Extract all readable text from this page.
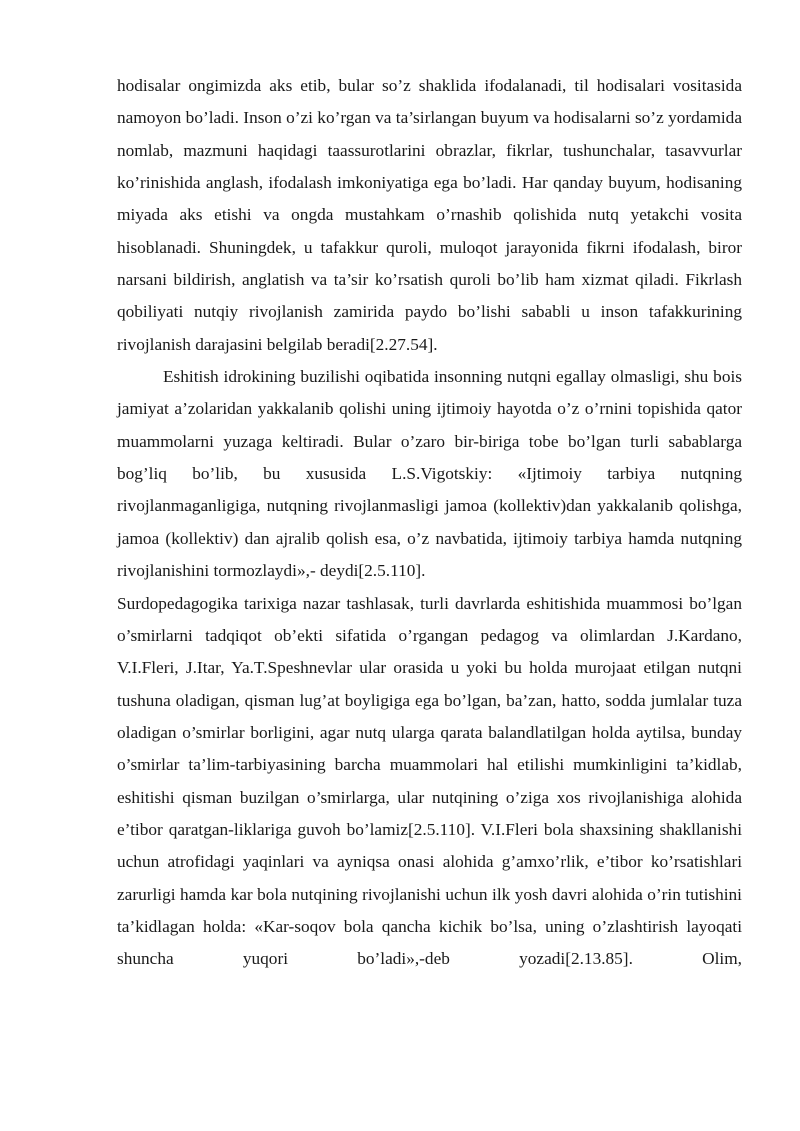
hodisalar ongimizda aks etib, bular so’z shaklida ifodalanadi, til hodisalari vositasida namoyon bo’ladi. Inson o’zi ko’rgan va ta’sirlangan buyum va hodisalarni so’z yordamida nomlab, mazmuni haqidagi taassurotlarini obrazlar, fikrlar, tushunchalar, tasavvurlar ko’rinishida anglash, ifodalash imkoniyatiga ega bo’ladi. Har qanday buyum, hodisaning miyada aks etishi va ongda mustahkam o’rnashib qolishida nutq yetakchi vosita hisoblanadi. Shuningdek, u tafakkur quroli, muloqot jarayonida fikrni ifodalash, biror narsani bildirish, anglatish va ta’sir ko’rsatish quroli bo’lib ham xizmat qiladi. Fikrlash qobiliyati nutqiy rivojlanish zamirida paydo bo’lishi sababli u inson tafakkurining rivojlanish darajasini belgilab beradi[2.27.54].

Eshitish idrokining buzilishi oqibatida insonning nutqni egallay olmasligi, shu bois jamiyat a’zolaridan yakkalanib qolishi uning ijtimoiy hayotda o’z o’rnini topishida qator muammolarni yuzaga keltiradi. Bular o’zaro bir-biriga tobe bo’lgan turli sabablarga bog’liq bo’lib, bu xususida L.S.Vigotskiy: «Ijtimoiy tarbiya nutqning rivojlanmaganligiga, nutqning rivojlanmasligi jamoa (kollektiv)dan yakkalanib qolishga, jamoa (kollektiv) dan ajralib qolish esa, o’z navbatida, ijtimoiy tarbiya hamda nutqning rivojlanishini tormozlaydi»,- deydi[2.5.110].

Surdopedagogika tarixiga nazar tashlasak, turli davrlarda eshitishida muammosi bo’lgan o’smirlarni tadqiqot ob’ekti sifatida o’rgangan pedagog va olimlardan J.Kardano, V.I.Fleri, J.Itar, Ya.T.Speshnevlar ular orasida u yoki bu holda murojaat etilgan nutqni tushuna oladigan, qisman lug’at boyligiga ega bo’lgan, ba’zan, hatto, sodda jumlalar tuza oladigan o’smirlar borligini, agar nutq ularga qarata balandlatilgan holda aytilsa, bunday o’smirlar ta’lim-tarbiyasining barcha muammolari hal etilishi mumkinligini ta’kidlab, eshitishi qisman buzilgan o’smirlarga, ular nutqining o’ziga xos rivojlanishiga alohida e’tibor qaratgan-liklariga guvoh bo’lamiz[2.5.110]. V.I.Fleri bola shaxsining shakllanishi uchun atrofidagi yaqinlari va ayniqsa onasi alohida g’amxo’rlik, e’tibor ko’rsatishlari zarurligi hamda kar bola nutqining rivojlanishi uchun ilk yosh davri alohida o’rin tutishini ta’kidlagan holda: «Kar-soqov bola qancha kichik bo’lsa, uning o’zlashtirish layoqati shuncha yuqori bo’ladi»,-deb yozadi[2.13.85]. Olim,
